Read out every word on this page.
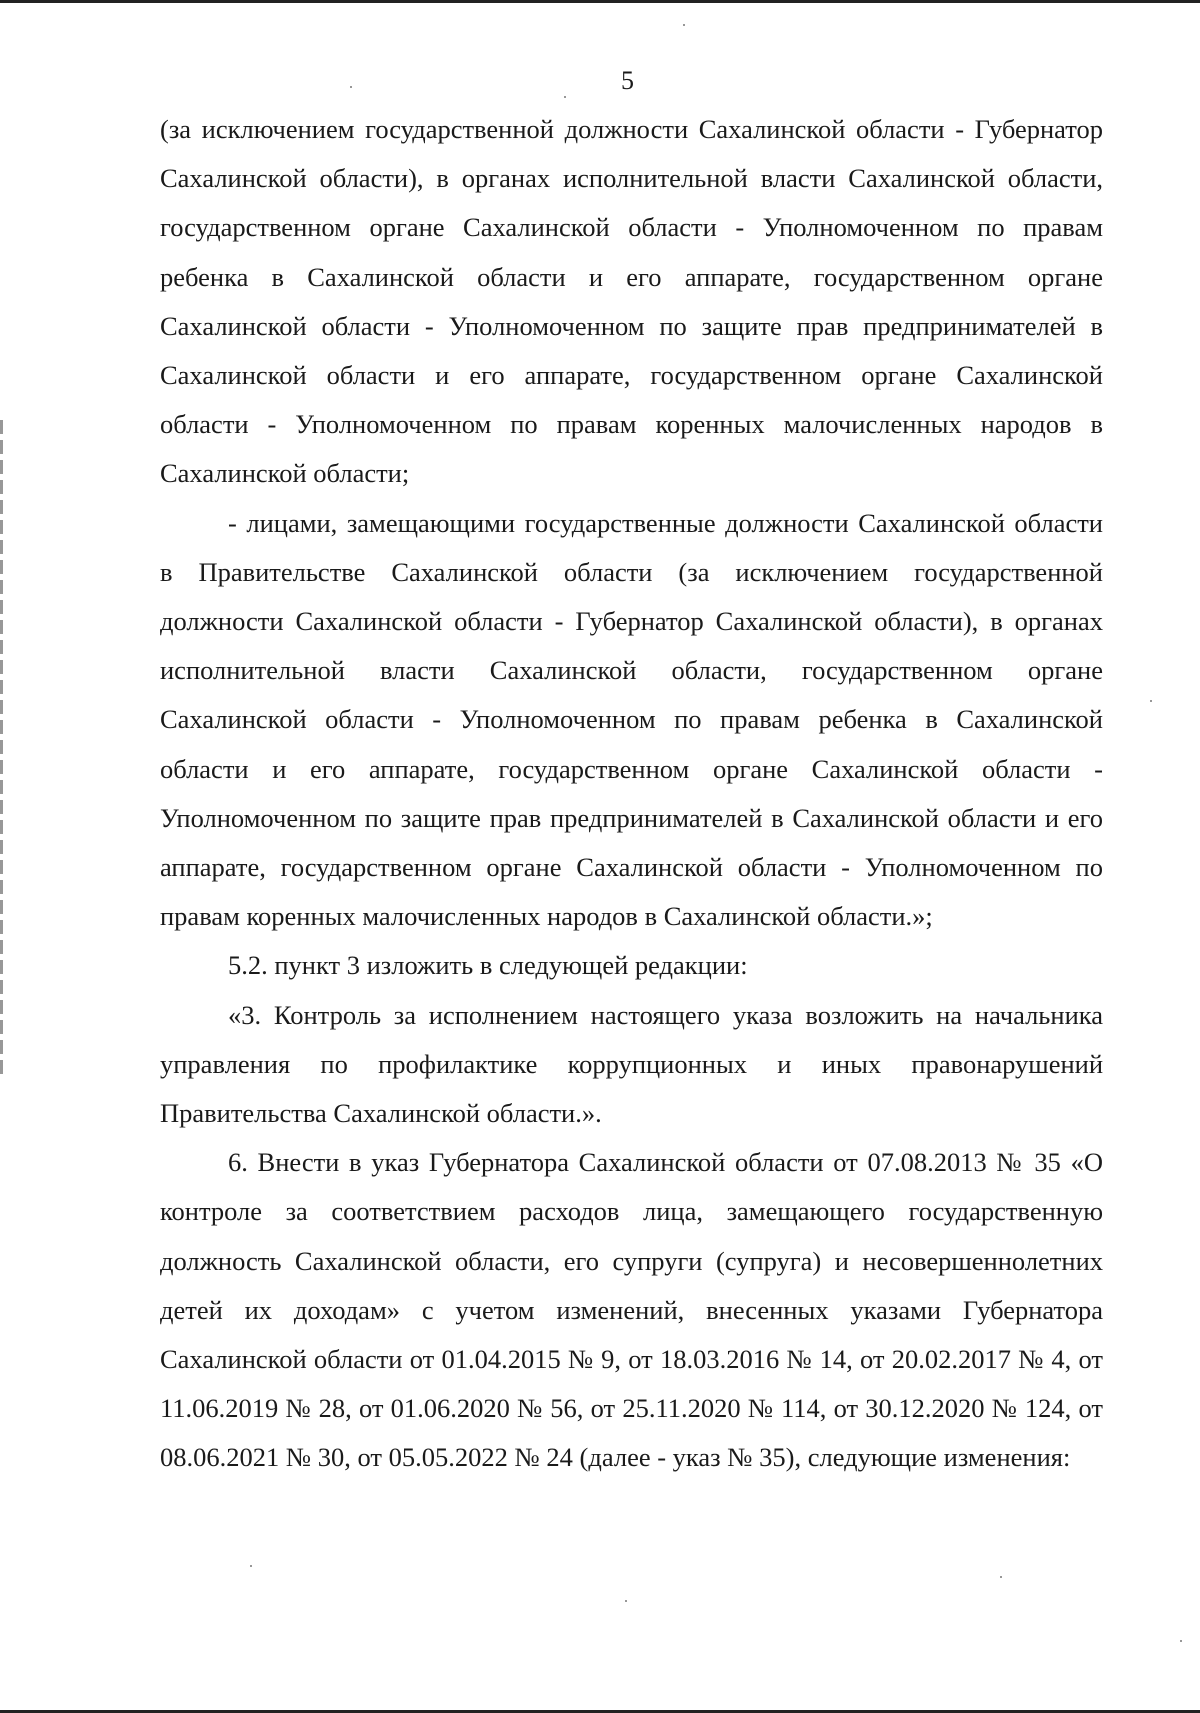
5

(за исключением государственной должности Сахалинской области - Губернатор Сахалинской области), в органах исполнительной власти Сахалинской области, государственном органе Сахалинской области - Уполномоченном по правам ребенка в Сахалинской области и его аппарате, государственном органе Сахалинской области - Уполномоченном по защите прав предпринимателей в Сахалинской области и его аппарате, государственном органе Сахалинской области - Уполномоченном по правам коренных малочисленных народов в Сахалинской области;

- лицами, замещающими государственные должности Сахалинской области в Правительстве Сахалинской области (за исключением государственной должности Сахалинской области - Губернатор Сахалинской области), в органах исполнительной власти Сахалинской области, государственном органе Сахалинской области - Уполномоченном по правам ребенка в Сахалинской области и его аппарате, государственном органе Сахалинской области - Уполномоченном по защите прав предпринимателей в Сахалинской области и его аппарате, государственном органе Сахалинской области - Уполномоченном по правам коренных малочисленных народов в Сахалинской области.»;

5.2. пункт 3 изложить в следующей редакции:

«3. Контроль за исполнением настоящего указа возложить на начальника управления по профилактике коррупционных и иных правонарушений Правительства Сахалинской области.».

6. Внести в указ Губернатора Сахалинской области от 07.08.2013 № 35 «О контроле за соответствием расходов лица, замещающего государственную должность Сахалинской области, его супруги (супруга) и несовершеннолетних детей их доходам» с учетом изменений, внесенных указами Губернатора Сахалинской области от 01.04.2015 № 9, от 18.03.2016 № 14, от 20.02.2017 № 4, от 11.06.2019 № 28, от 01.06.2020 № 56, от 25.11.2020 № 114, от 30.12.2020 № 124, от 08.06.2021 № 30, от 05.05.2022 № 24 (далее - указ № 35), следующие изменения:
